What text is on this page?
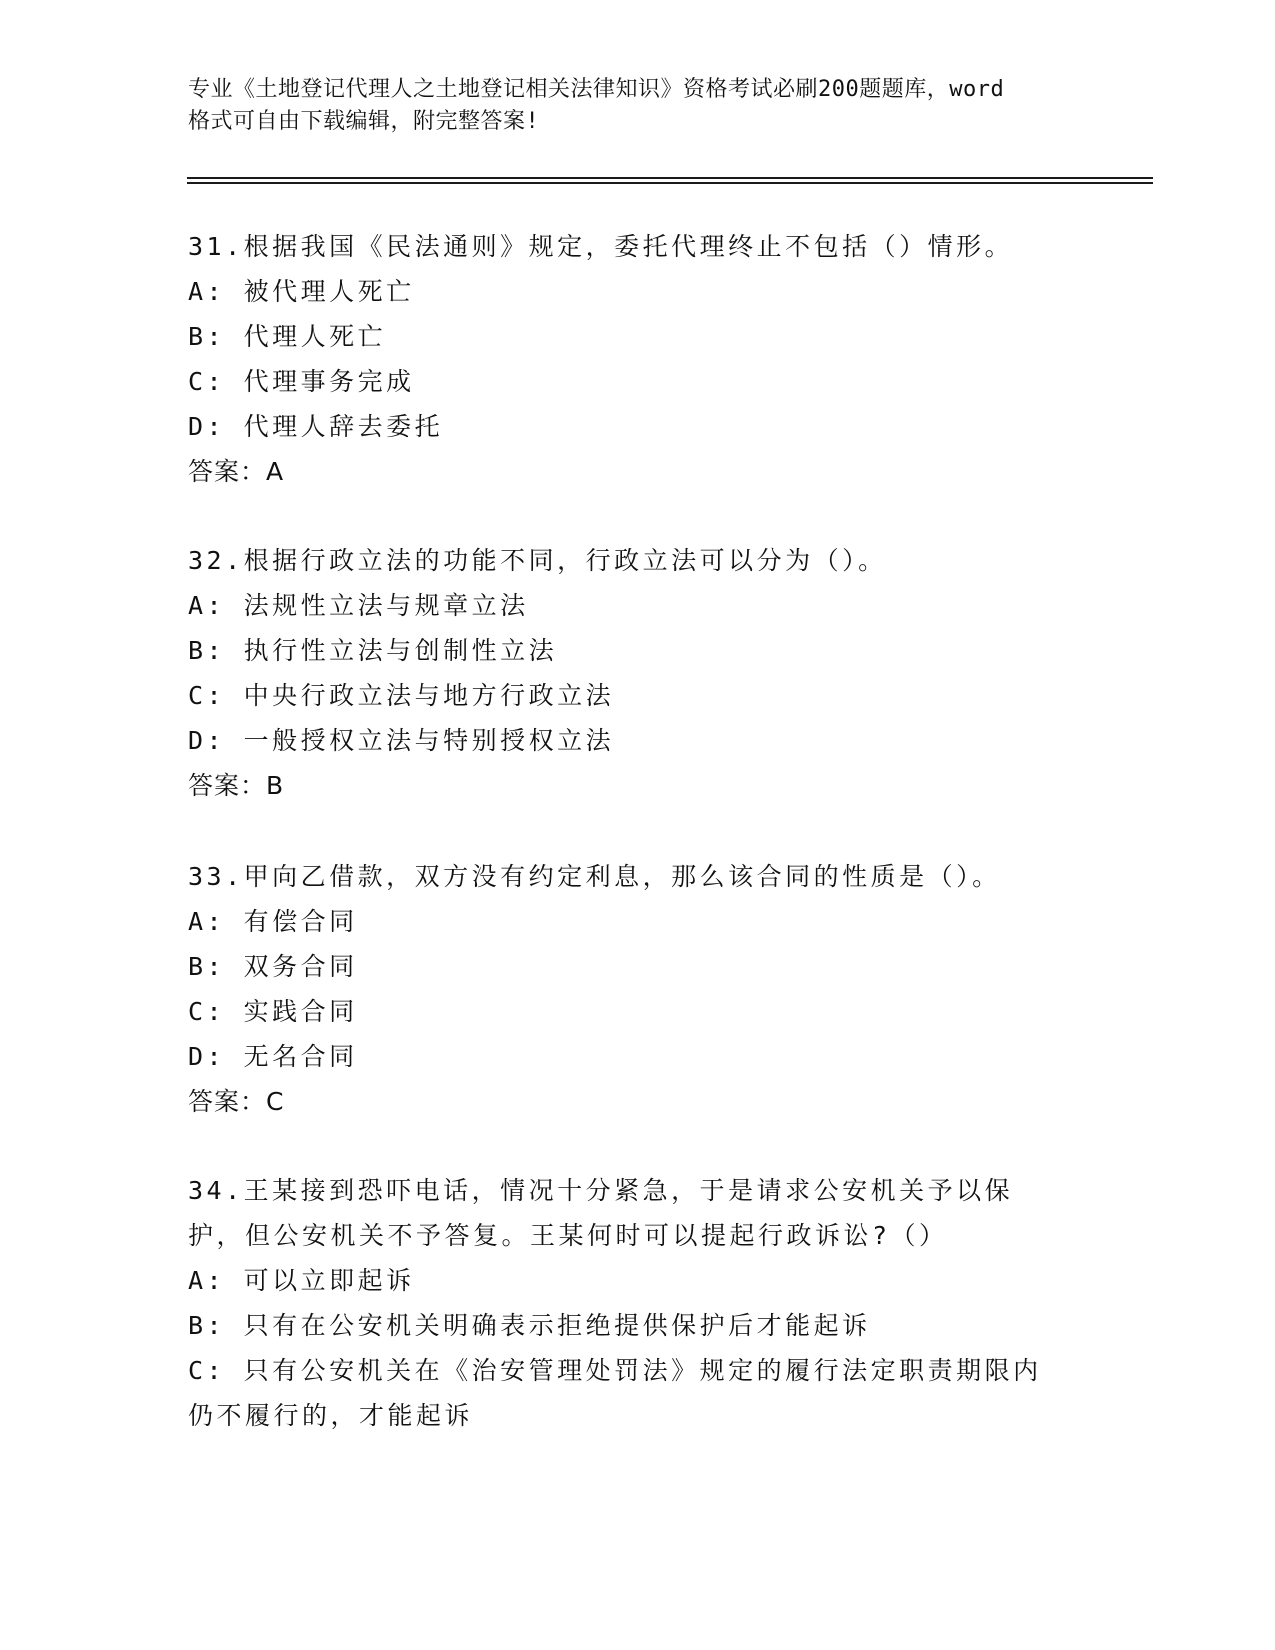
专业《土地登记代理人之土地登记相关法律知识》资格考试必刷200题题库，word
格式可自由下载编辑，附完整答案!
31.根据我国《民法通则》规定，委托代理终止不包括（）情形。
A: 被代理人死亡
B: 代理人死亡
C: 代理事务完成
D: 代理人辞去委托
答案：A
32.根据行政立法的功能不同，行政立法可以分为（）。
A: 法规性立法与规章立法
B: 执行性立法与创制性立法
C: 中央行政立法与地方行政立法
D: 一般授权立法与特别授权立法
答案：B
33.甲向乙借款，双方没有约定利息，那么该合同的性质是（）。
A: 有偿合同
B: 双务合同
C: 实践合同
D: 无名合同
答案：C
34.王某接到恐吓电话，情况十分紧急，于是请求公安机关予以保护，但公安机关不予答复。王某何时可以提起行政诉讼?（）
A: 可以立即起诉
B: 只有在公安机关明确表示拒绝提供保护后才能起诉
C: 只有公安机关在《治安管理处罚法》规定的履行法定职责期限内仍不履行的，才能起诉
